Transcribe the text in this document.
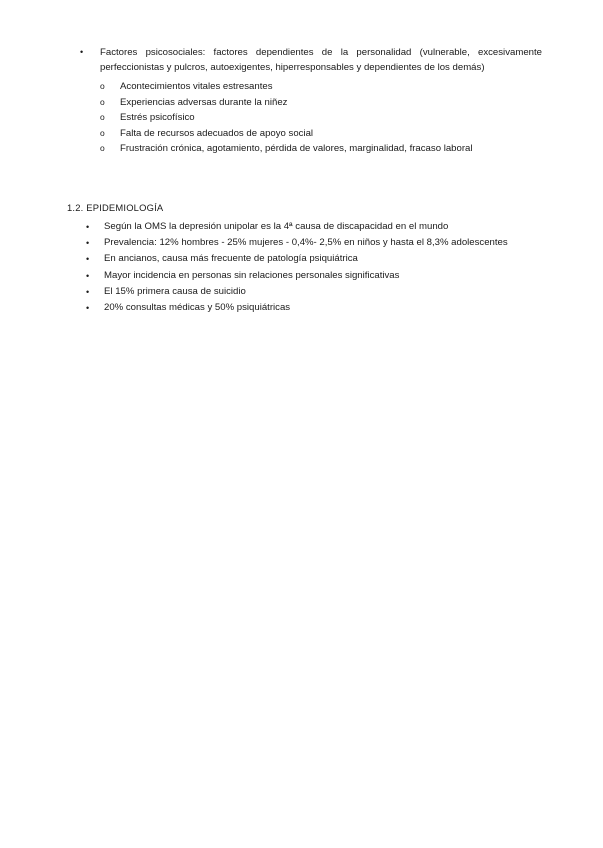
• Factores psicosociales: factores dependientes de la personalidad (vulnerable, excesivamente perfeccionistas y pulcros, autoexigentes, hiperresponsables y dependientes de los demás)
o Acontecimientos vitales estresantes
o Experiencias adversas durante la niñez
o Estrés psicofísico
o Falta de recursos adecuados de apoyo social
o Frustración crónica, agotamiento, pérdida de valores, marginalidad, fracaso laboral
1.2. EPIDEMIOLOGÍA
• Según la OMS la depresión unipolar es la 4ª causa de discapacidad en el mundo
• Prevalencia: 12% hombres - 25% mujeres - 0,4%- 2,5% en niños y hasta el 8,3% adolescentes
• En ancianos, causa más frecuente de patología psiquiátrica
• Mayor incidencia en personas sin relaciones personales significativas
• El 15% primera causa de suicidio
• 20% consultas médicas y 50% psiquiátricas
